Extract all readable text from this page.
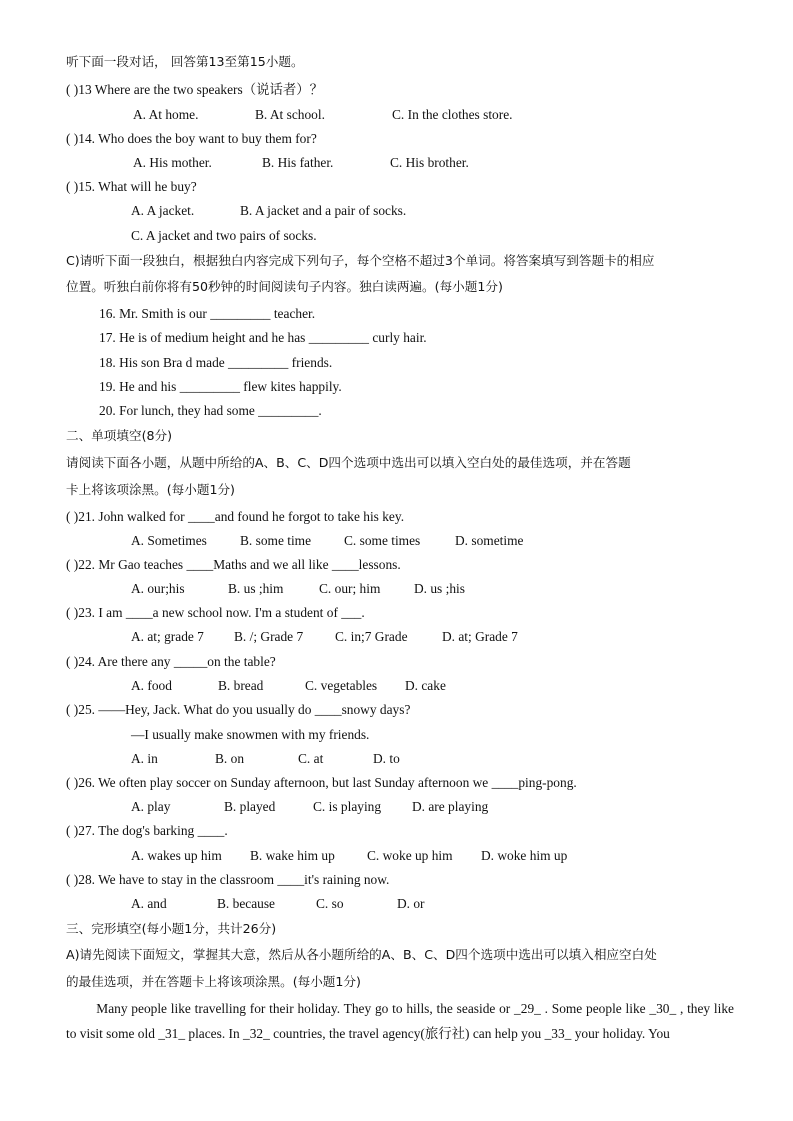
听下面一段对话， 回答第13至第15小题。
( )13 Where are the two speakers（说话者）？
( )14. Who does the boy want to buy them for?
( )15. What will he buy?
C. A jacket and two pairs of socks.
C)请听下面一段独白，根据独白内容完成下列句子，每个空格不超过3个单词。将答案填写到答题卡的相应
位置。听独白前你将有50秒钟的时间阅读句子内容。独白读两遍。(每小题1分)
16. Mr. Smith is our _________ teacher.
17. He is of medium height and he has _________ curly hair.
18. His son Bra d made _________ friends.
19. He and his _________ flew kites happily.
20. For lunch, they had some _________.
二、单项填空(8分)
请阅读下面各小题，从题中所给的A、B、C、D四个选项中选出可以填入空白处的最佳选项，并在答题
卡上将该项涂黑。(每小题1分)
( )21. John walked for ____and found he forgot to take his key.
( )22. Mr Gao teaches ____Maths and we all like ____lessons.
( )23. I am ____a new school now. I'm a student of ___.
( )24. Are there any _____on the table?
( )25. ——Hey, Jack. What do you usually do ____snowy days?
—I usually make snowmen with my friends.
( )26. We often play soccer on Sunday afternoon, but last Sunday afternoon we ____ping-pong.
( )27. The dog's barking ____.
( )28. We have to stay in the classroom ____it's raining now.
三、完形填空(每小题1分，共计26分)
A)请先阅读下面短文，掌握其大意，然后从各小题所给的A、B、C、D四个选项中选出可以填入相应空白处
的最佳选项，并在答题卡上将该项涂黑。(每小题1分)
A. At home.	B. At school.	C. In the clothes store.
A. His mother.	B. His father.	C. His brother.
A. A jacket.	B. A jacket and a pair of socks.
A. Sometimes B. some time C. some times	D. sometime
A. our;his	B. us ;him	C. our; him	D. us ;his
A. at; grade 7 B. /; Grade 7 C. in;7 Grade	D. at; Grade 7
A. food	B. bread	C. vegetables D. cake
A. in	B. on	C. at	D. to
A. play	B. played	C. is playing D. are playing
A. wakes up him B. wake him up C. woke up him D. woke him up
A. and	B. because	C. so	D. or
Many people like travelling for their holiday. They go to hills, the seaside or _29_ . Some people like _30_ , they like to visit some old _31_ places. In _32_ countries, the travel agency(旅行社) can help you _33_ your holiday. You
